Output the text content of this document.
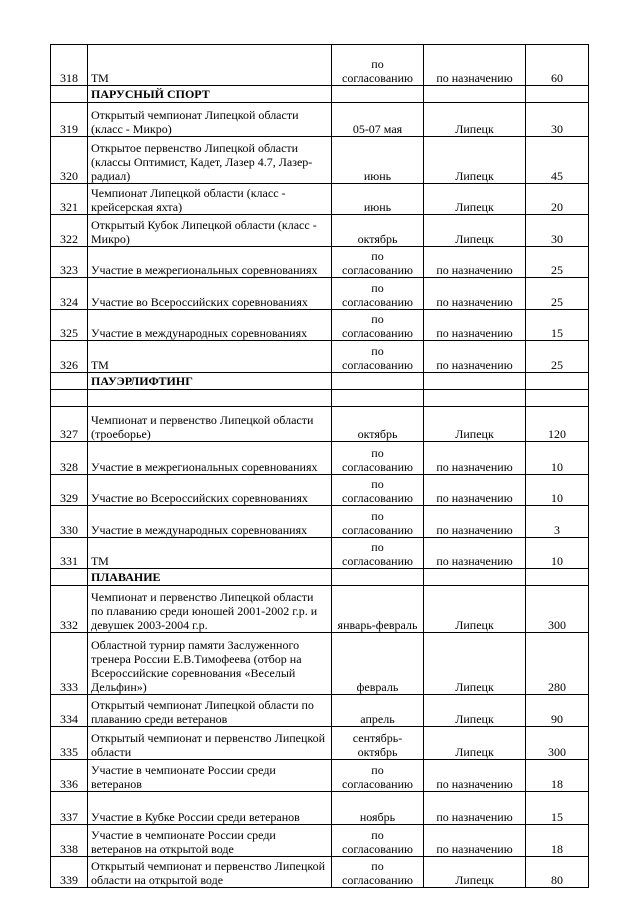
318	ТМ	по согласованию	по назначению	60
	ПАРУСНЫЙ СПОРТ			
319	Открытый чемпионат Липецкой области (класс - Микро)	05-07 мая	Липецк	30
320	Открытое первенство Липецкой области (классы Оптимист, Кадет, Лазер 4.7, Лазер-радиал)	июнь	Липецк	45
321	Чемпионат Липецкой области (класс - крейсерская яхта)	июнь	Липецк	20
322	Открытый Кубок Липецкой области (класс - Микро)	октябрь	Липецк	30
323	Участие в межрегиональных соревнованиях	по согласованию	по назначению	25
324	Участие во Всероссийских соревнованиях	по согласованию	по назначению	25
325	Участие в международных соревнованиях	по согласованию	по назначению	15
326	ТМ	по согласованию	по назначению	25
	ПАУЭРЛИФТИНГ			

327	Чемпионат и первенство Липецкой области (троеборье)	октябрь	Липецк	120
328	Участие в межрегиональных соревнованиях	по согласованию	по назначению	10
329	Участие во Всероссийских соревнованиях	по согласованию	по назначению	10
330	Участие в международных соревнованиях	по согласованию	по назначению	3
331	ТМ	по согласованию	по назначению	10
	ПЛАВАНИЕ			
332	Чемпионат и первенство Липецкой области по плаванию среди юношей 2001-2002 г.р. и девушек 2003-2004 г.р.	январь-февраль	Липецк	300
333	Областной турнир памяти Заслуженного тренера России Е.В.Тимофеева (отбор на Всероссийские соревнования «Веселый Дельфин»)	февраль	Липецк	280
334	Открытый чемпионат Липецкой области по плаванию среди ветеранов	апрель	Липецк	90
335	Открытый чемпионат и первенство Липецкой области	сентябрь-октябрь	Липецк	300
336	Участие в чемпионате России среди ветеранов	по согласованию	по назначению	18
337	Участие в Кубке России среди ветеранов	ноябрь	по назначению	15
338	Участие в чемпионате России среди ветеранов на открытой воде	по согласованию	по назначению	18
339	Открытый чемпионат и первенство Липецкой области на открытой воде	по согласованию	Липецк	80
